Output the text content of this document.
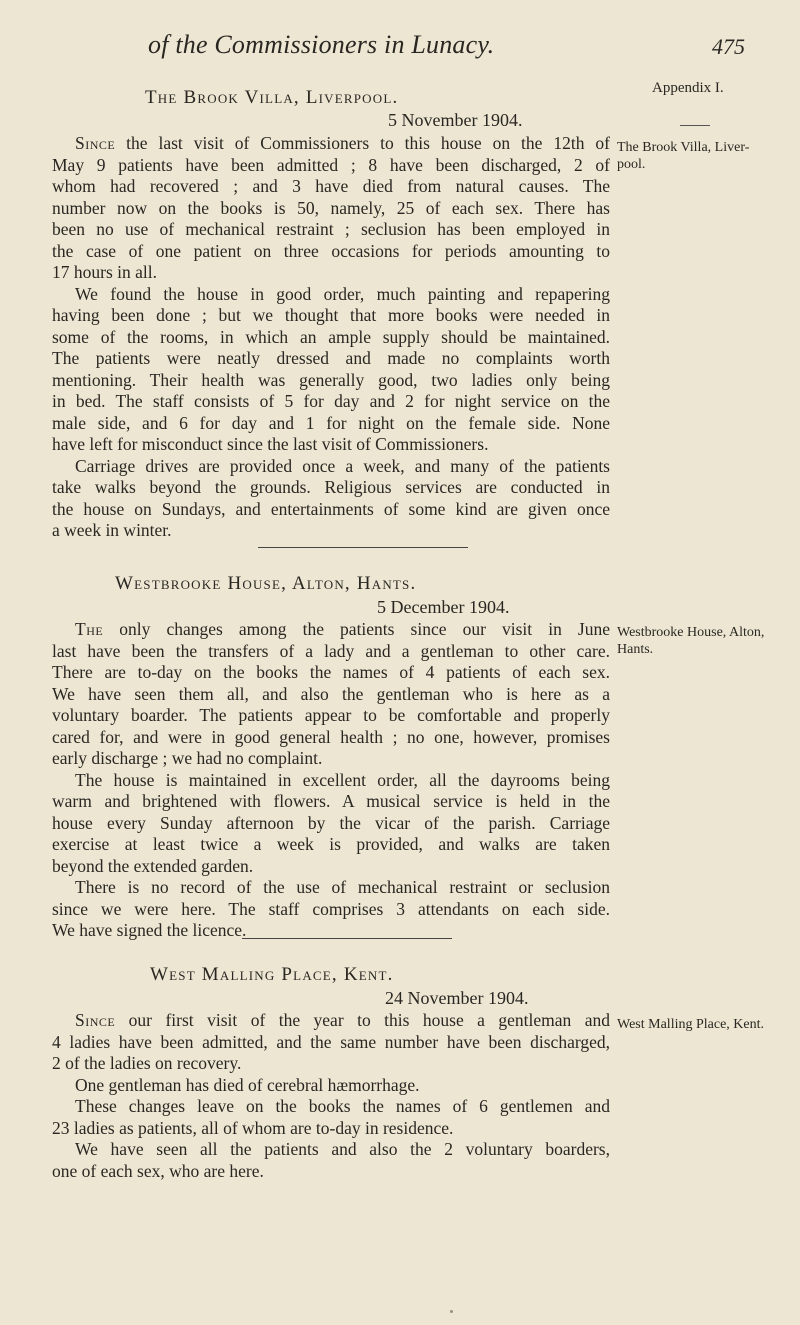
of the Commissioners in Lunacy.	475
Appendix I.
The Brook Villa, Liverpool.
5 November 1904.
The Brook Villa, Liver- pool.
Since the last visit of Commissioners to this house on the 12th of
May 9 patients have been admitted ; 8 have been discharged, 2 of
whom had recovered ; and 3 have died from natural causes. The
number now on the books is 50, namely, 25 of each sex. There has
been no use of mechanical restraint ; seclusion has been employed in
the case of one patient on three occasions for periods amounting to
17 hours in all.
We found the house in good order, much painting and repapering
having been done ; but we thought that more books were needed in
some of the rooms, in which an ample supply should be maintained.
The patients were neatly dressed and made no complaints worth
mentioning. Their health was generally good, two ladies only being
in bed. The staff consists of 5 for day and 2 for night service on the
male side, and 6 for day and 1 for night on the female side. None
have left for misconduct since the last visit of Commissioners.
Carriage drives are provided once a week, and many of the patients
take walks beyond the grounds. Religious services are conducted in
the house on Sundays, and entertainments of some kind are given once
a week in winter.
Westbrooke House, Alton, Hants.
5 December 1904.
Westbrooke House, Alton, Hants.
The only changes among the patients since our visit in June
last have been the transfers of a lady and a gentleman to other care.
There are to-day on the books the names of 4 patients of each sex.
We have seen them all, and also the gentleman who is here as a
voluntary boarder. The patients appear to be comfortable and properly
cared for, and were in good general health ; no one, however, promises
early discharge ; we had no complaint.
The house is maintained in excellent order, all the dayrooms being
warm and brightened with flowers. A musical service is held in the
house every Sunday afternoon by the vicar of the parish. Carriage
exercise at least twice a week is provided, and walks are taken
beyond the extended garden.
There is no record of the use of mechanical restraint or seclusion
since we were here. The staff comprises 3 attendants on each side.
We have signed the licence.
West Malling Place, Kent.
24 November 1904.
West Malling Place, Kent.
Since our first visit of the year to this house a gentleman and
4 ladies have been admitted, and the same number have been discharged,
2 of the ladies on recovery.
One gentleman has died of cerebral hæmorrhage.
These changes leave on the books the names of 6 gentlemen and
23 ladies as patients, all of whom are to-day in residence.
We have seen all the patients and also the 2 voluntary boarders,
one of each sex, who are here.
